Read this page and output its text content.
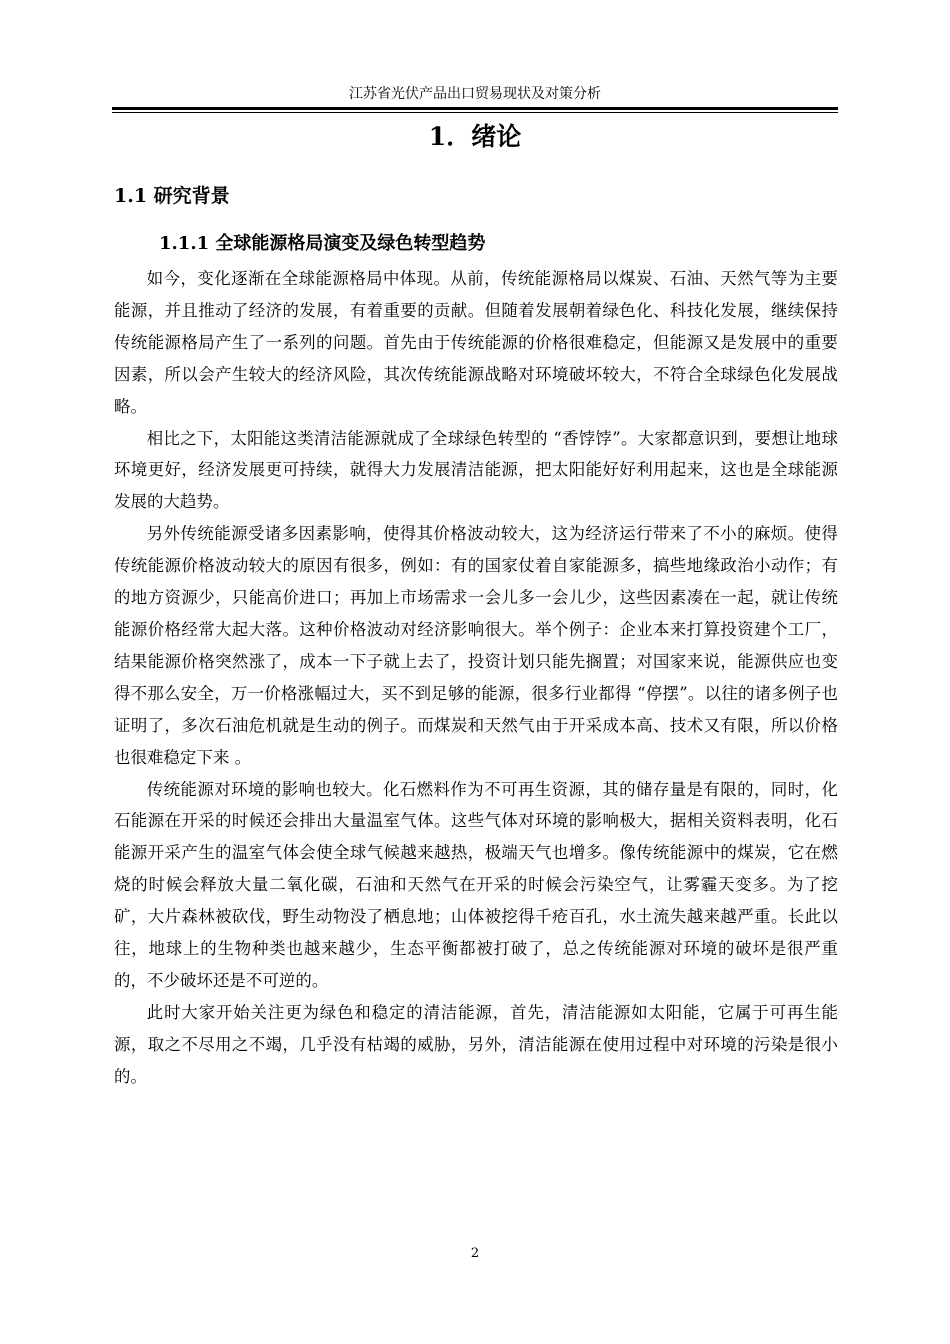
江苏省光伏产品出口贸易现状及对策分析
1．绪论
1.1 研究背景
1.1.1 全球能源格局演变及绿色转型趋势

如今，变化逐渐在全球能源格局中体现。从前，传统能源格局以煤炭、石油、天然气等为主要能源，并且推动了经济的发展，有着重要的贡献。但随着发展朝着绿色化、科技化发展，继续保持传统能源格局产生了一系列的问题。首先由于传统能源的价格很难稳定，但能源又是发展中的重要因素，所以会产生较大的经济风险，其次传统能源战略对环境破坏较大，不符合全球绿色化发展战略。

相比之下，太阳能这类清洁能源就成了全球绿色转型的 “香饽饽”。大家都意识到，要想让地球环境更好，经济发展更可持续，就得大力发展清洁能源，把太阳能好好利用起来，这也是全球能源发展的大趋势。

另外传统能源受诸多因素影响，使得其价格波动较大，这为经济运行带来了不小的麻烦。使得传统能源价格波动较大的原因有很多，例如：有的国家仗着自家能源多，搞些地缘政治小动作；有的地方资源少，只能高价进口；再加上市场需求一会儿多一会儿少，这些因素凑在一起，就让传统能源价格经常大起大落。这种价格波动对经济影响很大。举个例子：企业本来打算投资建个工厂，结果能源价格突然涨了，成本一下子就上去了，投资计划只能先搁置；对国家来说，能源供应也变得不那么安全，万一价格涨幅过大，买不到足够的能源，很多行业都得 “停摆”。以往的诸多例子也证明了，多次石油危机就是生动的例子。而煤炭和天然气由于开采成本高、技术又有限，所以价格也很难稳定下来 。

传统能源对环境的影响也较大。化石燃料作为不可再生资源，其的储存量是有限的，同时，化石能源在开采的时候还会排出大量温室气体。这些气体对环境的影响极大，据相关资料表明，化石能源开采产生的温室气体会使全球气候越来越热，极端天气也增多。像传统能源中的煤炭，它在燃烧的时候会释放大量二氧化碳，石油和天然气在开采的时候会污染空气，让雾霾天变多。为了挖矿，大片森林被砍伐，野生动物没了栖息地；山体被挖得千疮百孔，水土流失越来越严重。长此以往，地球上的生物种类也越来越少，生态平衡都被打破了，总之传统能源对环境的破坏是很严重的，不少破坏还是不可逆的。

此时大家开始关注更为绿色和稳定的清洁能源，首先，清洁能源如太阳能，它属于可再生能源，取之不尽用之不竭，几乎没有枯竭的威胁，另外，清洁能源在使用过程中对环境的污染是很小的。

2
